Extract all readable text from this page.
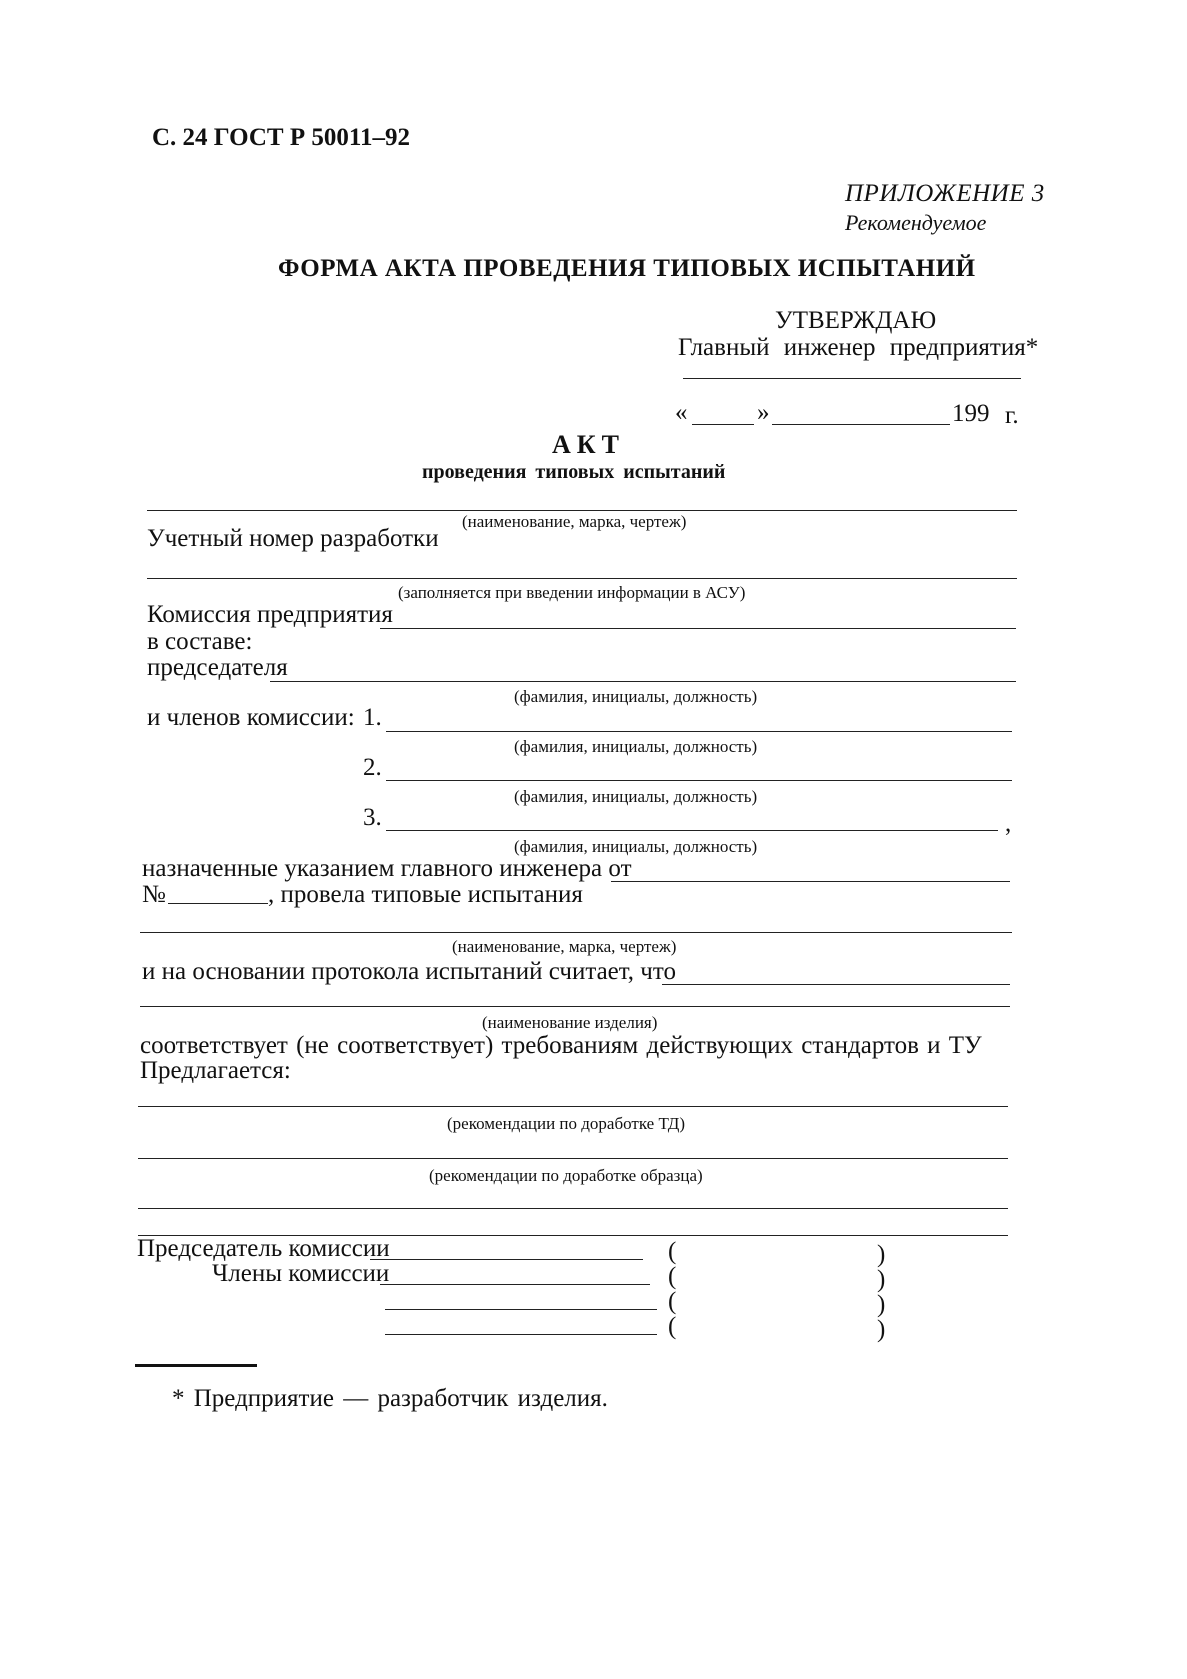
С. 24 ГОСТ Р 50011–92
ПРИЛОЖЕНИЕ 3
Рекомендуемое
ФОРМА АКТА ПРОВЕДЕНИЯ ТИПОВЫХ ИСПЫТАНИЙ
УТВЕРЖДАЮ
Главный инженер предприятия*
«	»	199 г.
АКТ
проведения типовых испытаний
(наименование, марка, чертеж)
Учетный номер разработки
(заполняется при введении информации в АСУ)
Комиссия предприятия
в составе:
председателя
(фамилия, инициалы, должность)
и членов комиссии: 1.
(фамилия, инициалы, должность)
2.
(фамилия, инициалы, должность)
3.	,
(фамилия, инициалы, должность)
назначенные указанием главного инженера от
№	, провела типовые испытания
(наименование, марка, чертеж)
и на основании протокола испытаний считает, что
(наименование изделия)
соответствует (не соответствует) требованиям действующих стандартов и ТУ
Предлагается:
(рекомендации по доработке ТД)
(рекомендации по доработке образца)
Председатель комиссии	(	)
Члены комиссии	(	)
(	)
(	)
* Предприятие — разработчик изделия.
